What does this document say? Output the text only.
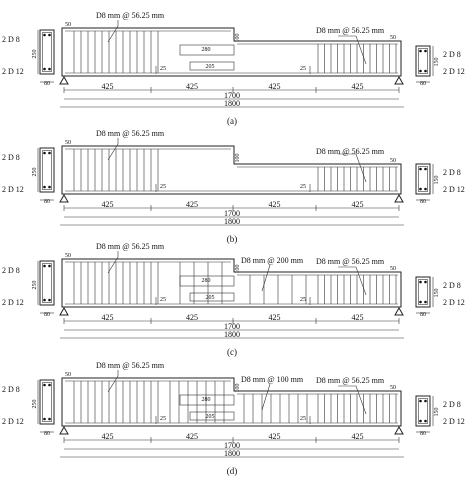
2 D 8
2 D 12
250
80
280
205
100
25	25
50
50
D8 mm @ 56.25 mm
D8 mm @ 56.25 mm
425	425	425	425
1700
1800
2 D 8
2 D 12
150
80
(a)
2 D 8
2 D 12
250
80
100
25	25
50
50
D8 mm @ 56.25 mm
D8 mm @ 56.25 mm
425	425	425	425
1700
1800
2 D 8
2 D 12
150
80
(b)
2 D 8
2 D 12
250
80
280
205
100
25	25
50
50
D8 mm @ 56.25 mm
D8 mm @ 56.25 mm
D8 mm @ 200 mm
425	425	425	425
1700
1800
2 D 8
2 D 12
150
80
(c)
2 D 8
2 D 12
250
80
280
205
100
25	25
50
50
D8 mm @ 56.25 mm
D8 mm @ 56.25 mm
D8 mm @ 100 mm
425	425	425	425
1700
1800
2 D 8
2 D 12
150
80
(d)
